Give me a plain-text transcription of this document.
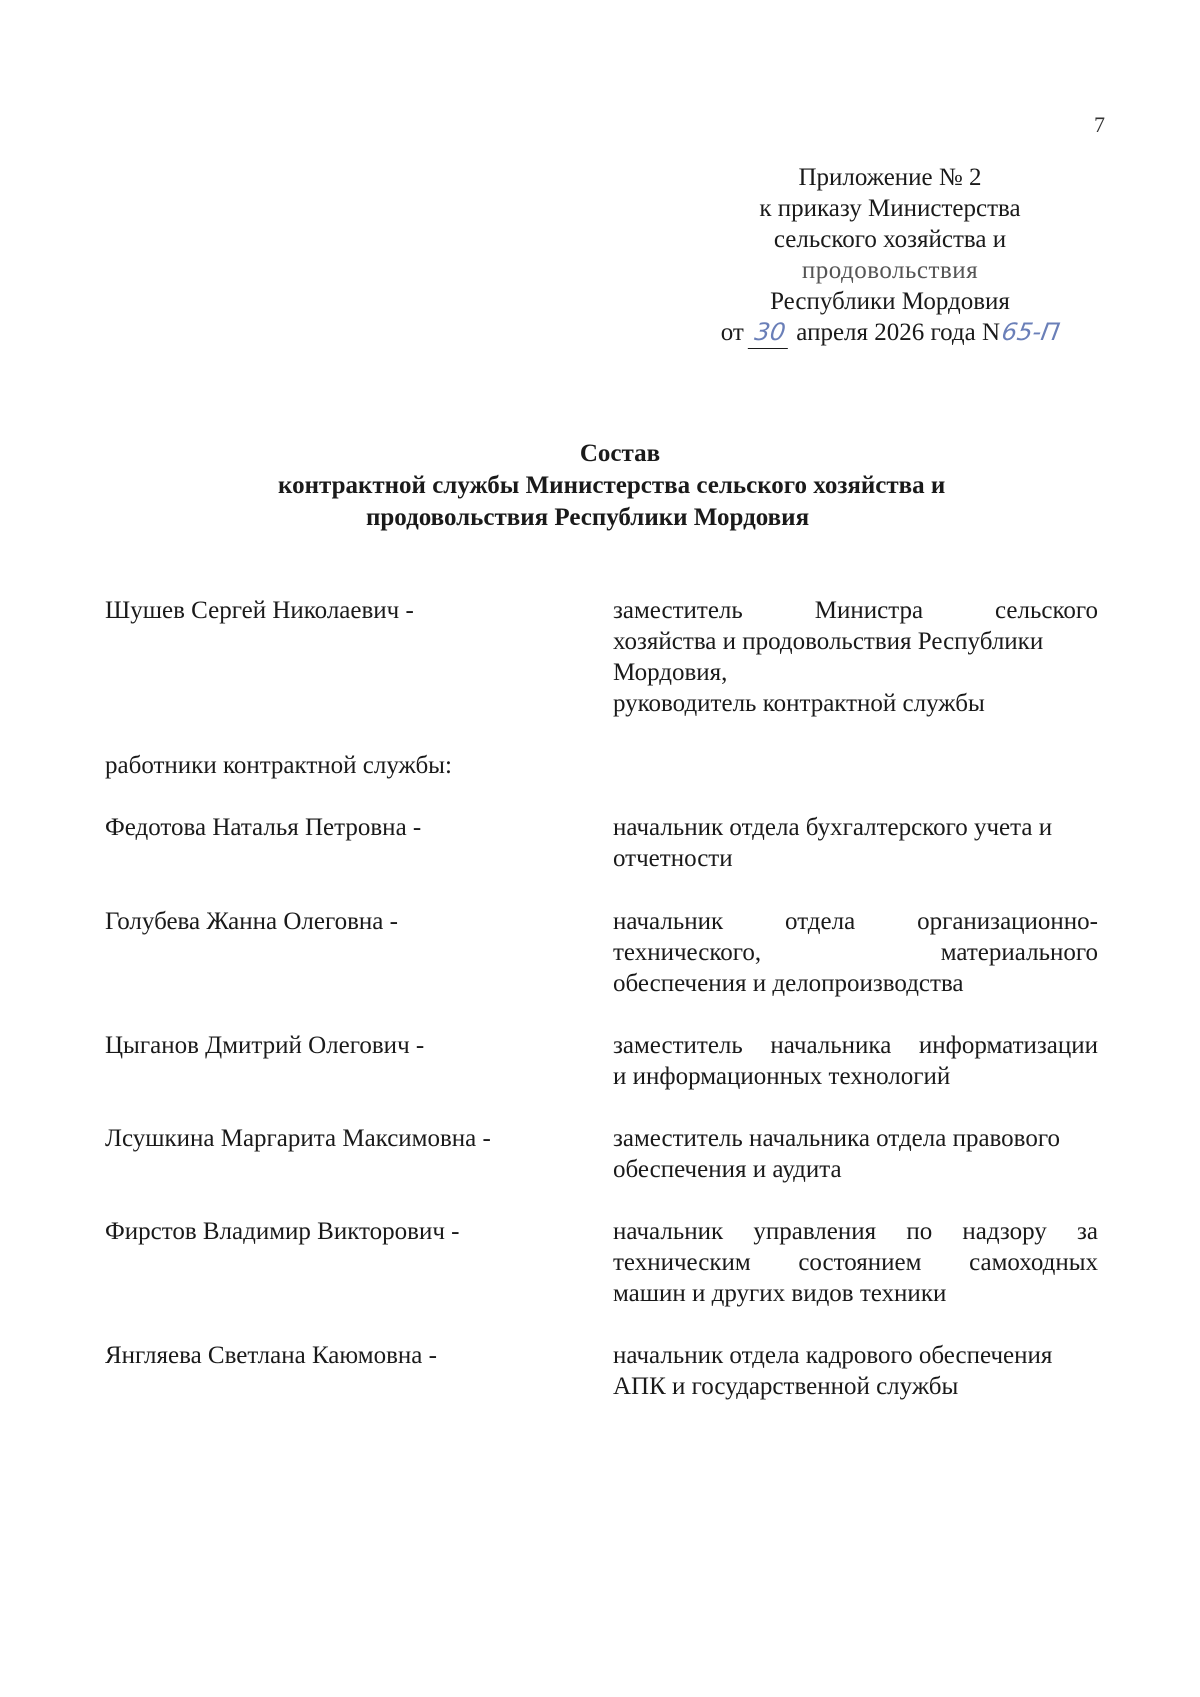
7
Приложение № 2
к приказу Министерства
сельского хозяйства и
продовольствия
Республики Мордовия
от 30 апреля 2026 года N65-П
Состав
контрактной службы Министерства сельского хозяйства и
продовольствия Республики Мордовия
Шушев Сергей Николаевич -	заместитель Министра сельского
хозяйства и продовольствия Республики
Мордовия,
руководитель контрактной службы
работники контрактной службы:
Федотова Наталья Петровна -	начальник отдела бухгалтерского учета и
отчетности
Голубева Жанна Олеговна -	начальник отдела организационно-
технического, материального
обеспечения и делопроизводства
Цыганов Дмитрий Олегович -	заместитель начальника информатизации
и информационных технологий
Лсушкина Маргарита Максимовна -	заместитель начальника отдела правового
обеспечения и аудита
Фирстов Владимир Викторович -	начальник управления по надзору за
техническим состоянием самоходных
машин и других видов техники
Янгляева Светлана Каюмовна -	начальник отдела кадрового обеспечения
АПК и государственной службы
